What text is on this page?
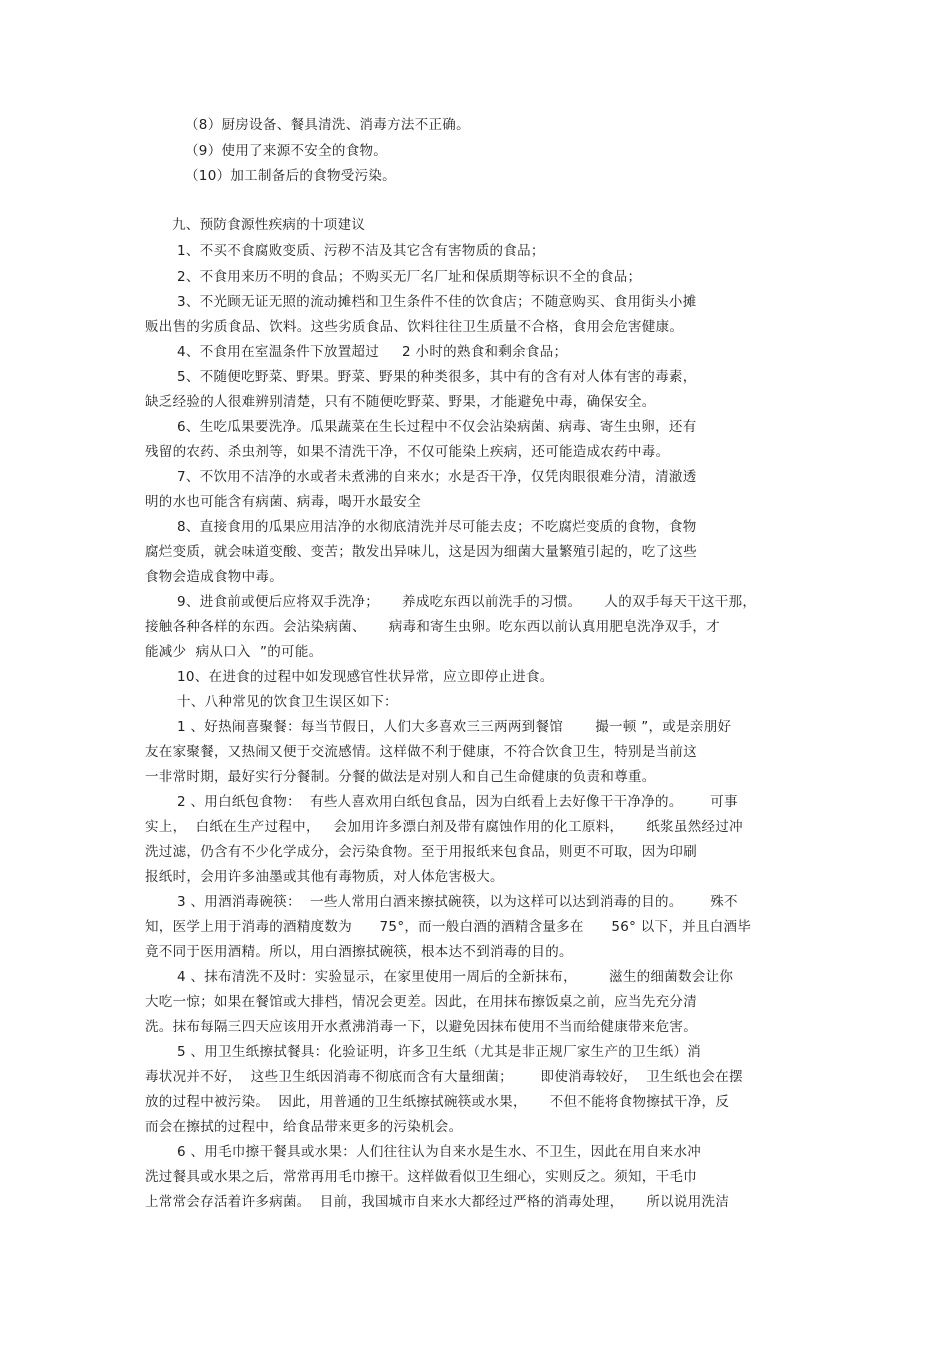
（8）厨房设备、餐具清洗、消毒方法不正确。
（9）使用了来源不安全的食物。
（10）加工制备后的食物受污染。
九、预防食源性疾病的十项建议
1、不买不食腐败变质、污秽不洁及其它含有害物质的食品；
2、不食用来历不明的食品；不购买无厂名厂址和保质期等标识不全的食品；
3、不光顾无证无照的流动摊档和卫生条件不佳的饮食店；不随意购买、食用街头小摊
贩出售的劣质食品、饮料。这些劣质食品、饮料往往卫生质量不合格，食用会危害健康。
4、不食用在室温条件下放置超过     2 小时的熟食和剩余食品；
5、不随便吃野菜、野果。野菜、野果的种类很多，其中有的含有对人体有害的毒素，
缺乏经验的人很难辨别清楚，只有不随便吃野菜、野果，才能避免中毒，确保安全。
6、生吃瓜果要洗净。瓜果蔬菜在生长过程中不仅会沾染病菌、病毒、寄生虫卵，还有
残留的农药、杀虫剂等，如果不清洗干净，不仅可能染上疾病，还可能造成农药中毒。
7、不饮用不洁净的水或者未煮沸的自来水；水是否干净，仅凭肉眼很难分清，清澈透
明的水也可能含有病菌、病毒，喝开水最安全
8、直接食用的瓜果应用洁净的水彻底清洗并尽可能去皮；不吃腐烂变质的食物，食物
腐烂变质，就会味道变酸、变苦；散发出异味儿，这是因为细菌大量繁殖引起的，吃了这些
食物会造成食物中毒。
9、进食前或便后应将双手洗净；     养成吃东西以前洗手的习惯。     人的双手每天干这干那，
接触各种各样的东西。会沾染病菌、     病毒和寄生虫卵。吃东西以前认真用肥皂洗净双手，才
能减少  病从口入  ”的可能。
10、在进食的过程中如发现感官性状异常，应立即停止进食。
十、八种常见的饮食卫生误区如下：
1 、好热闹喜聚餐：每当节假日，人们大多喜欢三三两两到餐馆       撮一顿 ”，或是亲朋好
友在家聚餐，又热闹又便于交流感情。这样做不利于健康，不符合饮食卫生，特别是当前这
一非常时期，最好实行分餐制。分餐的做法是对别人和自己生命健康的负责和尊重。
2 、用白纸包食物：  有些人喜欢用白纸包食品，因为白纸看上去好像干干净净的。      可事
实上，  白纸在生产过程中，   会加用许多漂白剂及带有腐蚀作用的化工原料，     纸浆虽然经过冲
洗过滤，仍含有不少化学成分，会污染食物。至于用报纸来包食品，则更不可取，因为印刷
报纸时，会用许多油墨或其他有毒物质，对人体危害极大。
3 、用酒消毒碗筷：  一些人常用白酒来擦拭碗筷，以为这样可以达到消毒的目的。      殊不
知，医学上用于消毒的酒精度数为      75°，而一般白酒的酒精含量多在      56° 以下，并且白酒毕
竟不同于医用酒精。所以，用白酒擦拭碗筷，根本达不到消毒的目的。
4 、抹布清洗不及时：实验显示，在家里使用一周后的全新抹布，       滋生的细菌数会让你
大吃一惊；如果在餐馆或大排档，情况会更差。因此，在用抹布擦饭桌之前，应当先充分清
洗。抹布每隔三四天应该用开水煮沸消毒一下，以避免因抹布使用不当而给健康带来危害。
5 、用卫生纸擦拭餐具：化验证明，许多卫生纸（尤其是非正规厂家生产的卫生纸）消
毒状况并不好，  这些卫生纸因消毒不彻底而含有大量细菌；      即使消毒较好，  卫生纸也会在摆
放的过程中被污染。  因此，用普通的卫生纸擦拭碗筷或水果，     不但不能将食物擦拭干净，反
而会在擦拭的过程中，给食品带来更多的污染机会。
6 、用毛巾擦干餐具或水果：人们往往认为自来水是生水、不卫生，因此在用自来水冲
洗过餐具或水果之后，常常再用毛巾擦干。这样做看似卫生细心，实则反之。须知，干毛巾
上常常会存活着许多病菌。  目前，我国城市自来水大都经过严格的消毒处理，     所以说用洗洁
